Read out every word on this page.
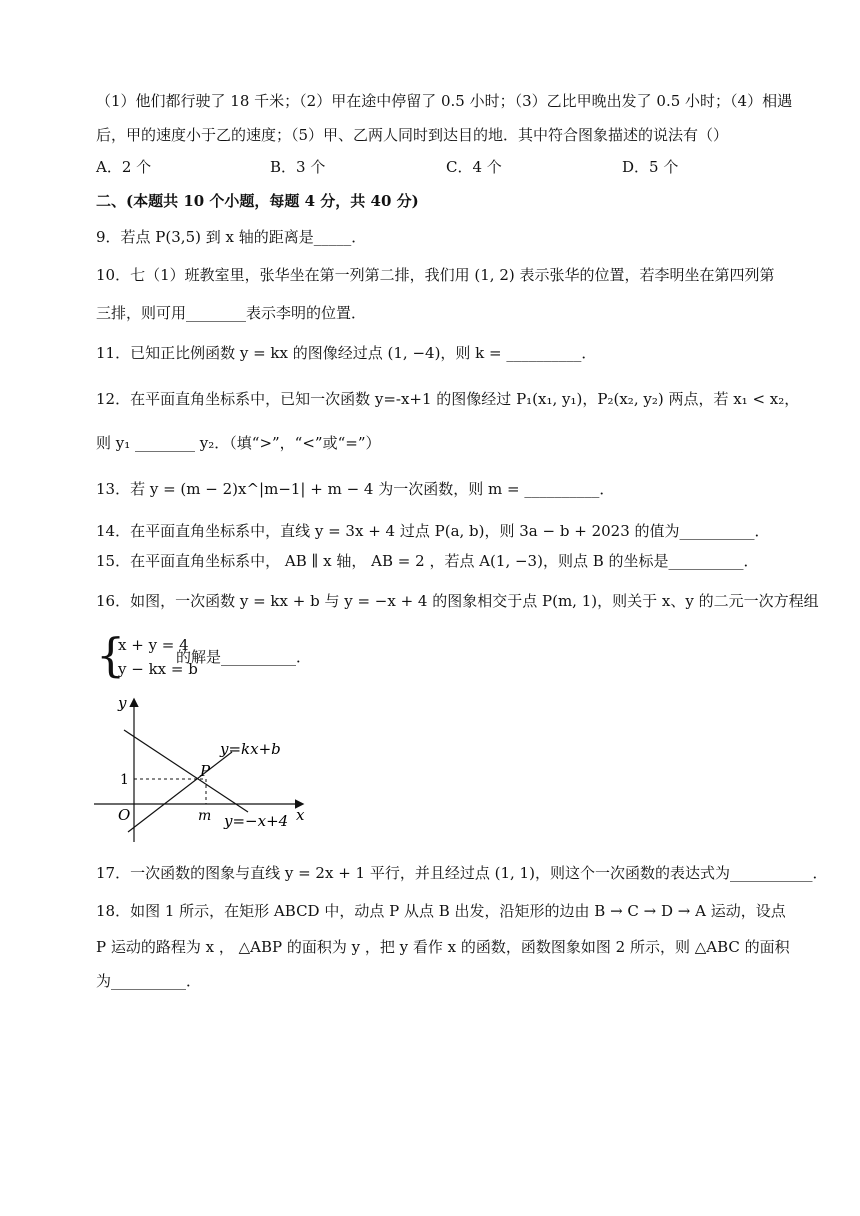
（1）他们都行驶了 18 千米；（2）甲在途中停留了 0.5 小时；（3）乙比甲晚出发了 0.5 小时；（4）相遇
后，甲的速度小于乙的速度；（5）甲、乙两人同时到达目的地．其中符合图象描述的说法有（）
A．2 个	B．3 个	C．4 个	D．5 个
二、(本题共 10 个小题，每题 4 分，共 40 分)
9．若点 P(3,5) 到 x 轴的距离是_____．
10．七（1）班教室里，张华坐在第一列第二排，我们用 (1, 2) 表示张华的位置，若李明坐在第四列第
三排，则可用________表示李明的位置．
11．已知正比例函数 y = kx 的图像经过点 (1, −4)，则 k = __________．
12．在平面直角坐标系中，已知一次函数 y=-x+1 的图像经过 P₁(x₁, y₁)，P₂(x₂, y₂) 两点，若 x₁ < x₂，
则 y₁ ________ y₂．（填“>”，“<”或“=”）
13．若 y = (m − 2)x^|m−1| + m − 4 为一次函数，则 m = __________．
14．在平面直角坐标系中，直线 y = 3x + 4 过点 P(a, b)，则 3a − b + 2023 的值为__________．
15．在平面直角坐标系中， AB ∥ x 轴， AB = 2 ，若点 A(1, −3)，则点 B 的坐标是__________．
16．如图，一次函数 y = kx + b 与 y = −x + 4 的图象相交于点 P(m, 1)，则关于 x、y 的二元一次方程组
{
x + y = 4
y − kx = b
的解是__________．
y
x
O
1
m
P
y=kx+b
y=−x+4
17．一次函数的图象与直线 y = 2x + 1 平行，并且经过点 (1, 1)，则这个一次函数的表达式为___________．
18．如图 1 所示，在矩形 ABCD 中，动点 P 从点 B 出发，沿矩形的边由 B → C → D → A 运动，设点
P 运动的路程为 x ， △ABP 的面积为 y ，把 y 看作 x 的函数，函数图象如图 2 所示，则 △ABC 的面积
为__________．
